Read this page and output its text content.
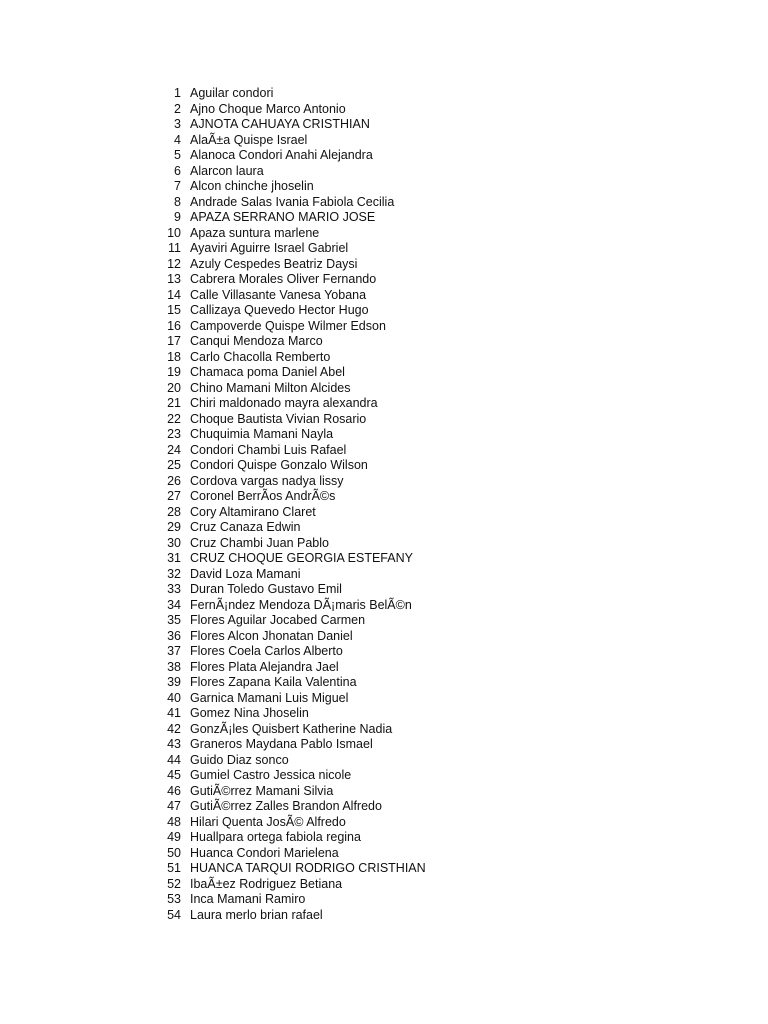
1 Aguilar condori
2 Ajno Choque Marco Antonio
3 AJNOTA CAHUAYA CRISTHIAN
4 AlaÃ±a Quispe Israel
5 Alanoca Condori Anahi Alejandra
6 Alarcon laura
7 Alcon chinche jhoselin
8 Andrade Salas Ivania Fabiola Cecilia
9 APAZA SERRANO MARIO JOSE
10 Apaza suntura marlene
11 Ayaviri Aguirre Israel Gabriel
12 Azuly Cespedes Beatriz Daysi
13 Cabrera Morales Oliver Fernando
14 Calle Villasante Vanesa Yobana
15 Callizaya Quevedo Hector Hugo
16 Campoverde Quispe Wilmer Edson
17 Canqui Mendoza Marco
18 Carlo Chacolla Remberto
19 Chamaca poma Daniel Abel
20 Chino Mamani Milton Alcides
21 Chiri maldonado mayra alexandra
22 Choque Bautista Vivian Rosario
23 Chuquimia Mamani Nayla
24 Condori Chambi Luis Rafael
25 Condori Quispe Gonzalo Wilson
26 Cordova vargas nadya lissy
27 Coronel BerrÃos AndrÃ©s
28 Cory Altamirano Claret
29 Cruz Canaza Edwin
30 Cruz Chambi Juan Pablo
31 CRUZ CHOQUE GEORGIA ESTEFANY
32 David Loza Mamani
33 Duran Toledo Gustavo Emil
34 FernÃ¡ndez Mendoza DÃ¡maris BelÃ©n
35 Flores Aguilar Jocabed Carmen
36 Flores Alcon Jhonatan Daniel
37 Flores Coela Carlos Alberto
38 Flores Plata Alejandra Jael
39 Flores Zapana Kaila Valentina
40 Garnica Mamani Luis Miguel
41 Gomez Nina Jhoselin
42 GonzÃ¡les Quisbert Katherine Nadia
43 Graneros Maydana Pablo Ismael
44 Guido Diaz sonco
45 Gumiel Castro Jessica nicole
46 GutiÃ©rrez Mamani Silvia
47 GutiÃ©rrez Zalles Brandon Alfredo
48 Hilari Quenta JosÃ© Alfredo
49 Huallpara ortega fabiola regina
50 Huanca Condori Marielena
51 HUANCA TARQUI RODRIGO CRISTHIAN
52 IbaÃ±ez Rodriguez Betiana
53 Inca Mamani Ramiro
54 Laura merlo brian rafael
